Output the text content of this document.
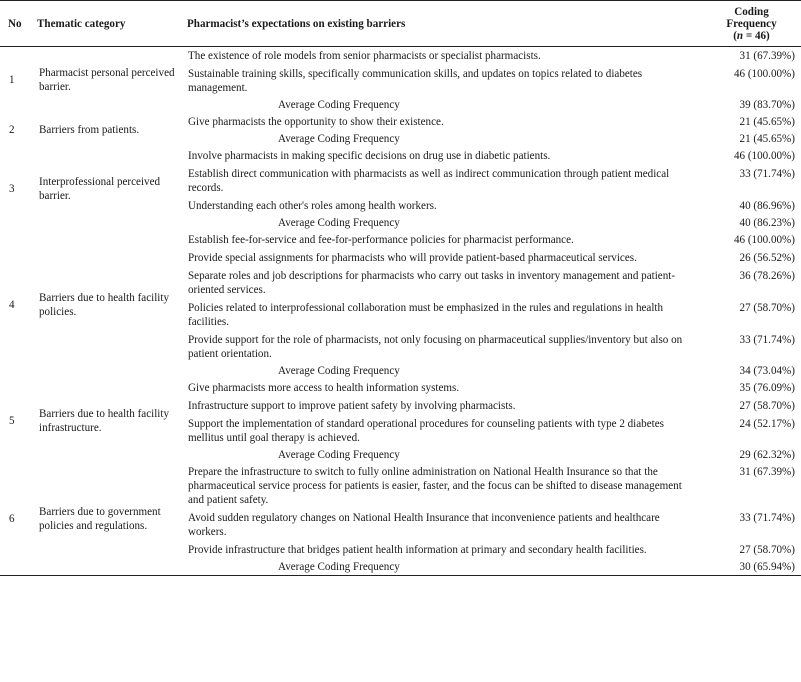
No	Thematic category	Pharmacist’s expectations on existing barriers	Coding
Frequency
(n = 46)
1	Pharmacist personal perceived barrier.	The existence of role models from senior pharmacists or specialist pharmacists.	31 (67.39%)
		Sustainable training skills, specifically communication skills, and updates on topics related to diabetes management.	46 (100.00%)
		Average Coding Frequency	39 (83.70%)
2	Barriers from patients.	Give pharmacists the opportunity to show their existence.	21 (45.65%)
		Average Coding Frequency	21 (45.65%)
3	Interprofessional perceived barrier.	Involve pharmacists in making specific decisions on drug use in diabetic patients.	46 (100.00%)
		Establish direct communication with pharmacists as well as indirect communication through patient medical records.	33 (71.74%)
		Understanding each other's roles among health workers.	40 (86.96%)
		Average Coding Frequency	40 (86.23%)
4	Barriers due to health facility policies.	Establish fee-for-service and fee-for-performance policies for pharmacist performance.	46 (100.00%)
		Provide special assignments for pharmacists who will provide patient-based pharmaceutical services.	26 (56.52%)
		Separate roles and job descriptions for pharmacists who carry out tasks in inventory management and patient-oriented services.	36 (78.26%)
		Policies related to interprofessional collaboration must be emphasized in the rules and regulations in health facilities.	27 (58.70%)
		Provide support for the role of pharmacists, not only focusing on pharmaceutical supplies/inventory but also on patient orientation.	33 (71.74%)
		Average Coding Frequency	34 (73.04%)
5	Barriers due to health facility infrastructure.	Give pharmacists more access to health information systems.	35 (76.09%)
		Infrastructure support to improve patient safety by involving pharmacists.	27 (58.70%)
		Support the implementation of standard operational procedures for counseling patients with type 2 diabetes mellitus until goal therapy is achieved.	24 (52.17%)
		Average Coding Frequency	29 (62.32%)
6	Barriers due to government policies and regulations.	Prepare the infrastructure to switch to fully online administration on National Health Insurance so that the pharmaceutical service process for patients is easier, faster, and the focus can be shifted to disease management and patient safety.	31 (67.39%)
		Avoid sudden regulatory changes on National Health Insurance that inconvenience patients and healthcare workers.	33 (71.74%)
		Provide infrastructure that bridges patient health information at primary and secondary health facilities.	27 (58.70%)
		Average Coding Frequency	30 (65.94%)
